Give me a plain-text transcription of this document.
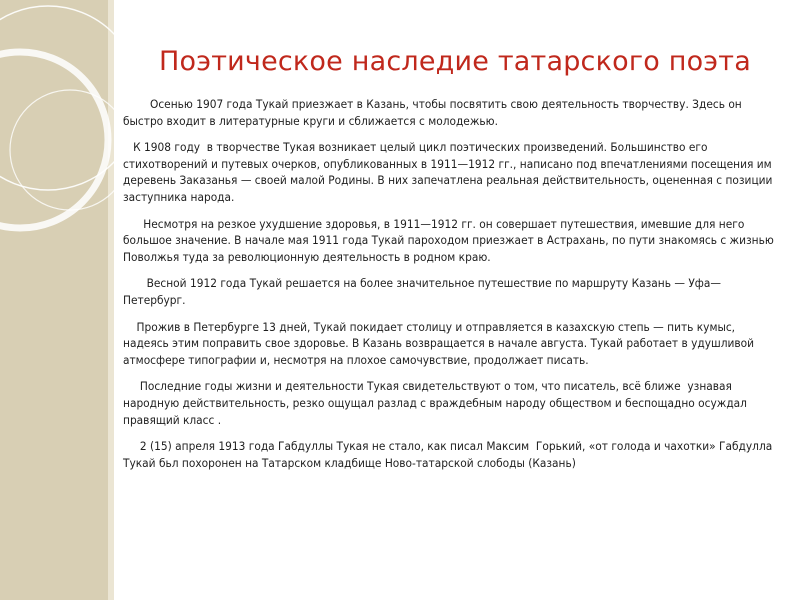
Поэтическое наследие татарского поэта

Осенью 1907 года Тукай приезжает в Казань, чтобы посвятить свою деятельность творчеству. Здесь он быстро входит в литературные круги и сближается с молодежью.

К 1908 году  в творчестве Тукая возникает целый цикл поэтических произведений. Большинство его стихотворений и путевых очерков, опубликованных в 1911—1912 гг., написано под впечатлениями посещения им деревень Заказанья — своей малой Родины. В них запечатлена реальная действительность, оцененная с позиции заступника народа.

Несмотря на резкое ухудшение здоровья, в 1911—1912 гг. он совершает путешествия, имевшие для него большое значение. В начале мая 1911 года Тукай пароходом приезжает в Астрахань, по пути знакомясь с жизнью Поволжья туда за революционную деятельность в родном краю.

Весной 1912 года Тукай решается на более значительное путешествие по маршруту Казань — Уфа— Петербург.

Прожив в Петербурге 13 дней, Тукай покидает столицу и отправляется в казахскую степь — пить кумыс, надеясь этим поправить свое здоровье. В Казань возвращается в начале августа. Тукай работает в удушливой атмосфере типографии и, несмотря на плохое самочувствие, продолжает писать.

Последние годы жизни и деятельности Тукая свидетельствуют о том, что писатель, всё ближе  узнавая народную действительность, резко ощущал разлад с враждебным народу обществом и беспощадно осуждал правящий класс .

2 (15) апреля 1913 года Габдуллы Тукая не стало, как писал Максим  Горький, «от голода и чахотки» Габдулла Тукай бьл похоронен на Татарском кладбище Ново-татарской слободы (Казань)
